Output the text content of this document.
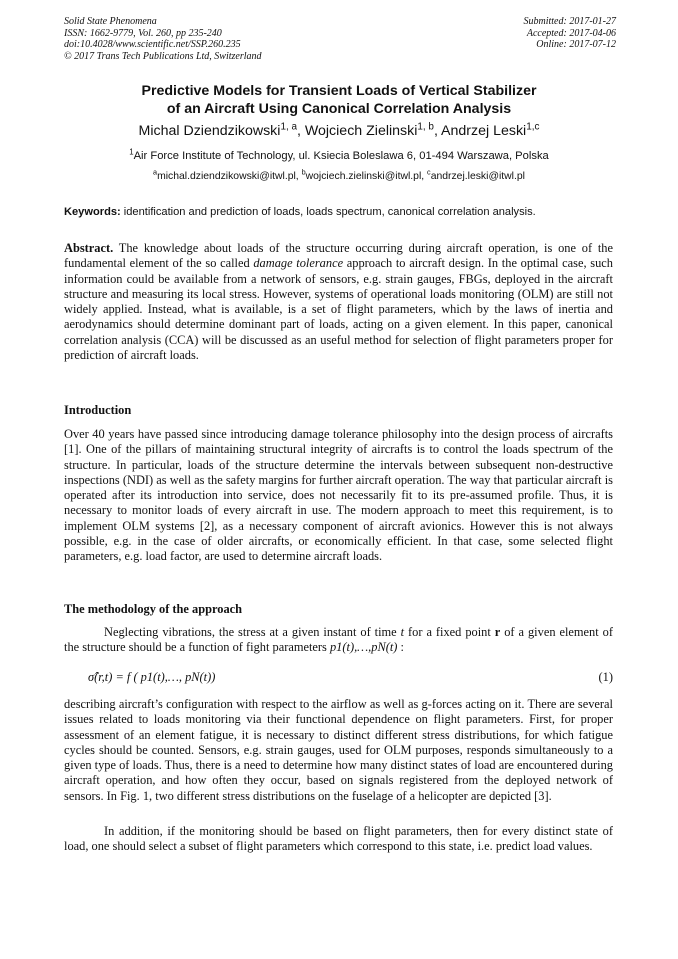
Solid State Phenomena
ISSN: 1662-9779, Vol. 260, pp 235-240
doi:10.4028/www.scientific.net/SSP.260.235
© 2017 Trans Tech Publications Ltd, Switzerland
Submitted: 2017-01-27
Accepted: 2017-04-06
Online: 2017-07-12
Predictive Models for Transient Loads of Vertical Stabilizer
of an Aircraft Using Canonical Correlation Analysis
Michal Dziendzikowski$^{1, a}$, Wojciech Zielinski$^{1, b}$, Andrzej Leski$^{1,c}$
$^1$Air Force Institute of Technology, ul. Ksiecia Boleslawa 6, 01-494 Warszawa, Polska
$^a$michal.dziendzikowski@itwl.pl, $^b$wojciech.zielinski@itwl.pl, $^c$andrzej.leski@itwl.pl
Keywords: identification and prediction of loads, loads spectrum, canonical correlation analysis.
Abstract. The knowledge about loads of the structure occurring during aircraft operation, is one of the fundamental element of the so called damage tolerance approach to aircraft design. In the optimal case, such information could be available from a network of sensors, e.g. strain gauges, FBGs, deployed in the aircraft structure and measuring its local stress. However, systems of operational loads monitoring (OLM) are still not widely applied. Instead, what is available, is a set of flight parameters, which by the laws of inertia and aerodynamics should determine dominant part of loads, acting on a given element. In this paper, canonical correlation analysis (CCA) will be discussed as an useful method for selection of flight parameters proper for prediction of aircraft loads.
Introduction
Over 40 years have passed since introducing damage tolerance philosophy into the design process of aircrafts [1]. One of the pillars of maintaining structural integrity of aircrafts is to control the loads spectrum of the structure. In particular, loads of the structure determine the intervals between subsequent non-destructive inspections (NDI) as well as the safety margins for further aircraft operation. The way that particular aircraft is operated after its introduction into service, does not necessarily fit to its pre-assumed profile. Thus, it is necessary to monitor loads of every aircraft in use. The modern approach to meet this requirement, is to implement OLM systems [2], as a necessary component of aircraft avionics. However this is not always possible, e.g. in the case of older aircrafts, or economically efficient. In that case, some selected flight parameters, e.g. load factor, are used to determine aircraft loads.
The methodology of the approach
Neglecting vibrations, the stress at a given instant of time t for a fixed point r of a given element of the structure should be a function of fight parameters p1(t),…,pN(t) :
σ̂(r,t) = f ( p1(t),…, pN(t))	(1)
describing aircraft’s configuration with respect to the airflow as well as g-forces acting on it. There are several issues related to loads monitoring via their functional dependence on flight parameters. First, for proper assessment of an element fatigue, it is necessary to distinct different stress distributions, for which fatigue cycles should be counted. Sensors, e.g. strain gauges, used for OLM purposes, responds simultaneously to a given type of loads. Thus, there is a need to determine how many distinct states of load are encountered during aircraft operation, and how often they occur, based on signals registered from the deployed network of sensors. In Fig. 1, two different stress distributions on the fuselage of a helicopter are depicted [3].
In addition, if the monitoring should be based on flight parameters, then for every distinct state of load, one should select a subset of flight parameters which correspond to this state, i.e. predict load values.
